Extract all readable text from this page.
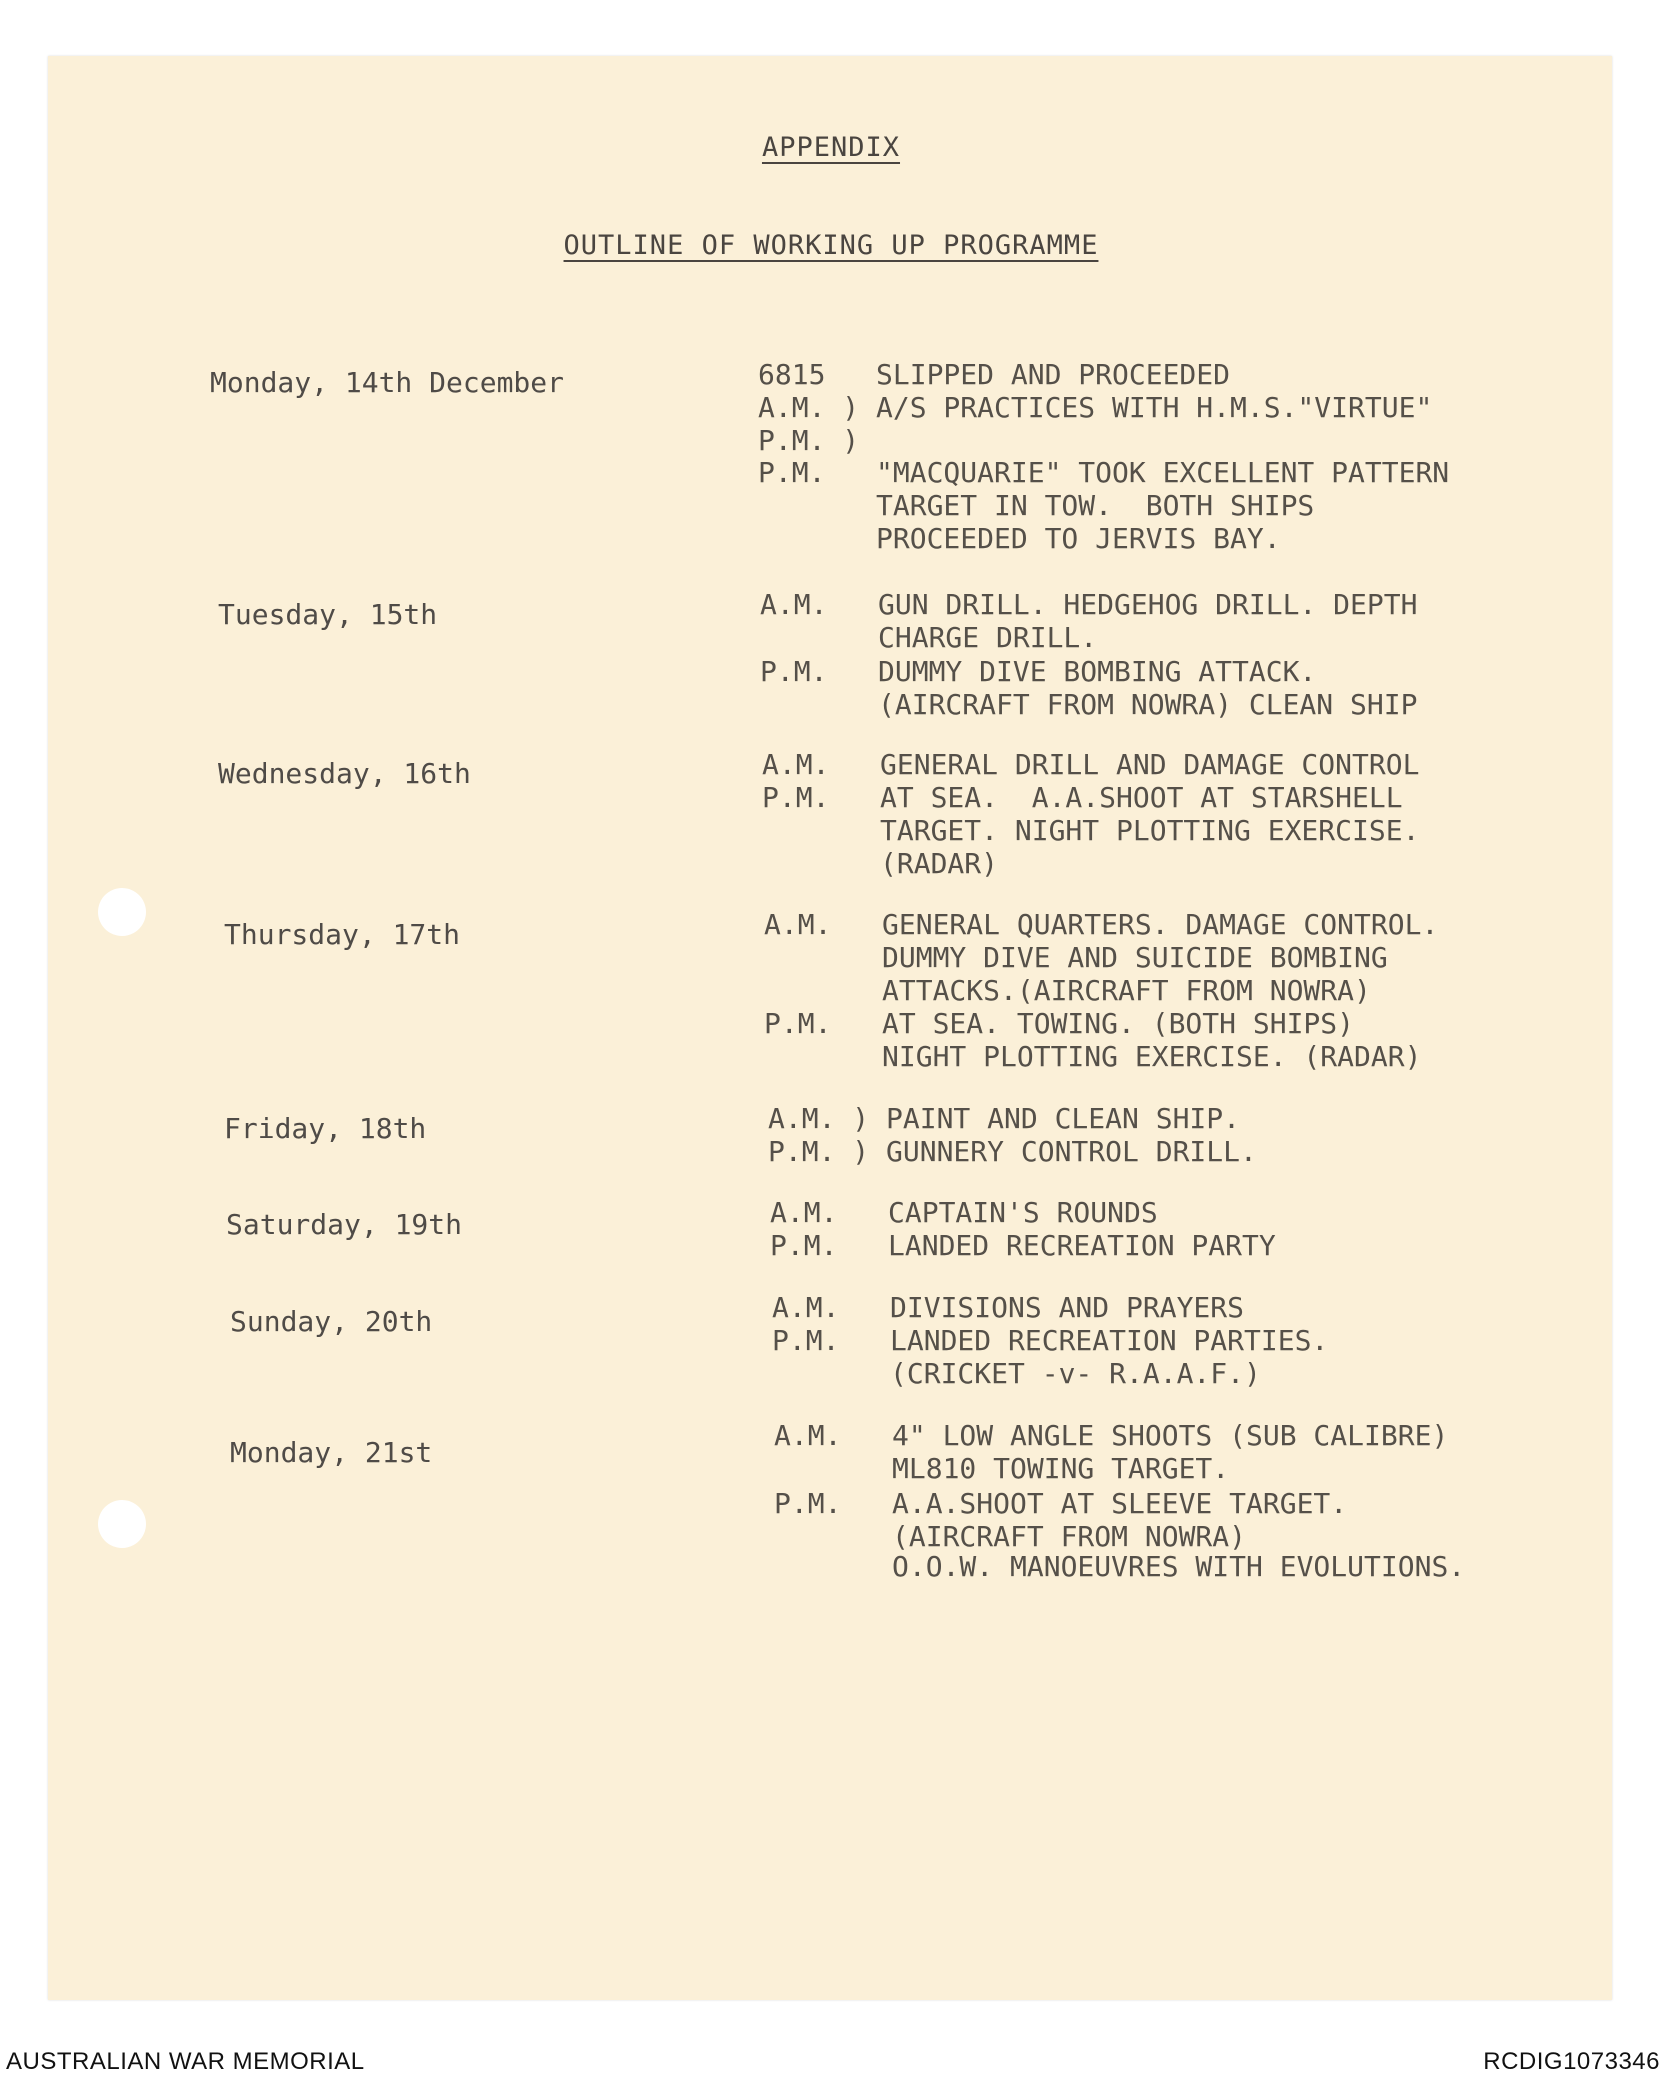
APPENDIX
OUTLINE OF WORKING UP PROGRAMME
Monday, 14th December	6815 SLIPPED AND PROCEEDED
A.M. ) A/S PRACTICES WITH H.M.S."VIRTUE"
P.M. )
P.M. "MACQUARIE" TOOK EXCELLENT PATTERN
TARGET IN TOW.  BOTH SHIPS
PROCEEDED TO JERVIS BAY.
Tuesday, 15th	A.M. GUN DRILL. HEDGEHOG DRILL. DEPTH
CHARGE DRILL.
P.M. DUMMY DIVE BOMBING ATTACK.
(AIRCRAFT FROM NOWRA) CLEAN SHIP
Wednesday, 16th	A.M. GENERAL DRILL AND DAMAGE CONTROL
P.M. AT SEA.  A.A.SHOOT AT STARSHELL
TARGET. NIGHT PLOTTING EXERCISE.
(RADAR)
Thursday, 17th	A.M. GENERAL QUARTERS. DAMAGE CONTROL.
DUMMY DIVE AND SUICIDE BOMBING
ATTACKS.(AIRCRAFT FROM NOWRA)
P.M. AT SEA. TOWING. (BOTH SHIPS)
NIGHT PLOTTING EXERCISE. (RADAR)
Friday, 18th	A.M. ) PAINT AND CLEAN SHIP.
P.M. ) GUNNERY CONTROL DRILL.
Saturday, 19th	A.M. CAPTAIN'S ROUNDS
P.M. LANDED RECREATION PARTY
Sunday, 20th	A.M. DIVISIONS AND PRAYERS
P.M. LANDED RECREATION PARTIES.
(CRICKET -v- R.A.A.F.)
Monday, 21st
A.M. 4" LOW ANGLE SHOOTS (SUB CALIBRE)
ML810 TOWING TARGET.
P.M. A.A.SHOOT AT SLEEVE TARGET.
(AIRCRAFT FROM NOWRA)
O.O.W. MANOEUVRES WITH EVOLUTIONS.
AUSTRALIAN WAR MEMORIAL	RCDIG1073346
